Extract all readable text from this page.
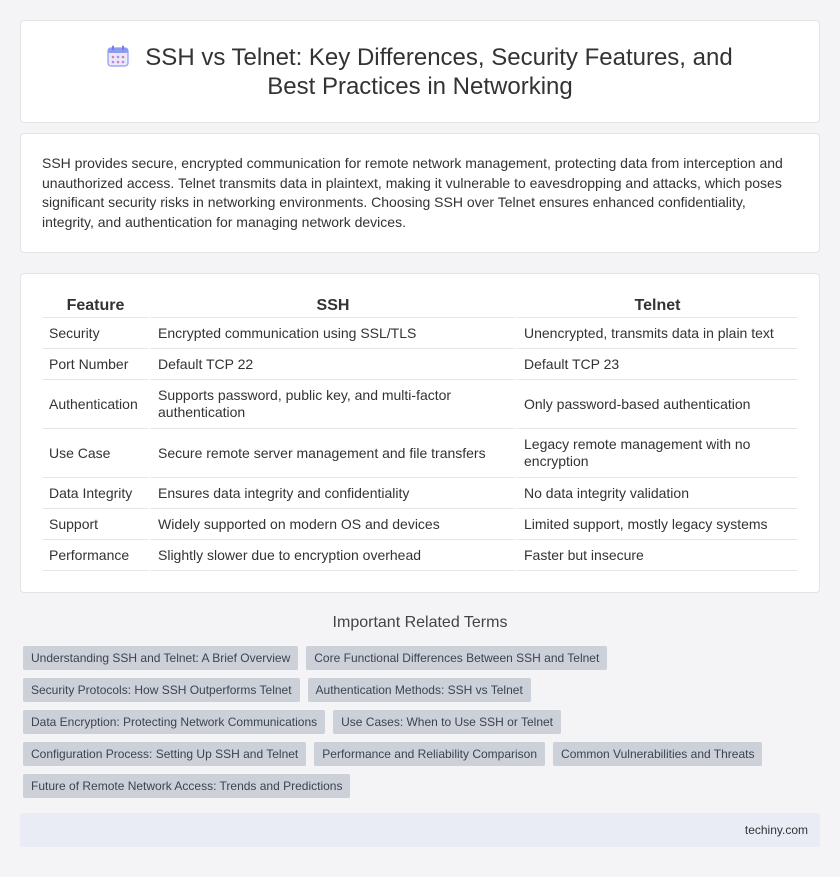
SSH vs Telnet: Key Differences, Security Features, and Best Practices in Networking

SSH provides secure, encrypted communication for remote network management, protecting data from interception and unauthorized access. Telnet transmits data in plaintext, making it vulnerable to eavesdropping and attacks, which poses significant security risks in networking environments. Choosing SSH over Telnet ensures enhanced confidentiality, integrity, and authentication for managing network devices.

Feature	SSH	Telnet
Security	Encrypted communication using SSL/TLS	Unencrypted, transmits data in plain text
Port Number	Default TCP 22	Default TCP 23
Authentication	Supports password, public key, and multi-factor authentication	Only password-based authentication
Use Case	Secure remote server management and file transfers	Legacy remote management with no encryption
Data Integrity	Ensures data integrity and confidentiality	No data integrity validation
Support	Widely supported on modern OS and devices	Limited support, mostly legacy systems
Performance	Slightly slower due to encryption overhead	Faster but insecure
Important Related Terms
Understanding SSH and Telnet: A Brief Overview	Core Functional Differences Between SSH and Telnet
Security Protocols: How SSH Outperforms Telnet	Authentication Methods: SSH vs Telnet
Data Encryption: Protecting Network Communications	Use Cases: When to Use SSH or Telnet
Configuration Process: Setting Up SSH and Telnet	Performance and Reliability Comparison	Common Vulnerabilities and Threats
Future of Remote Network Access: Trends and Predictions
techiny.com
